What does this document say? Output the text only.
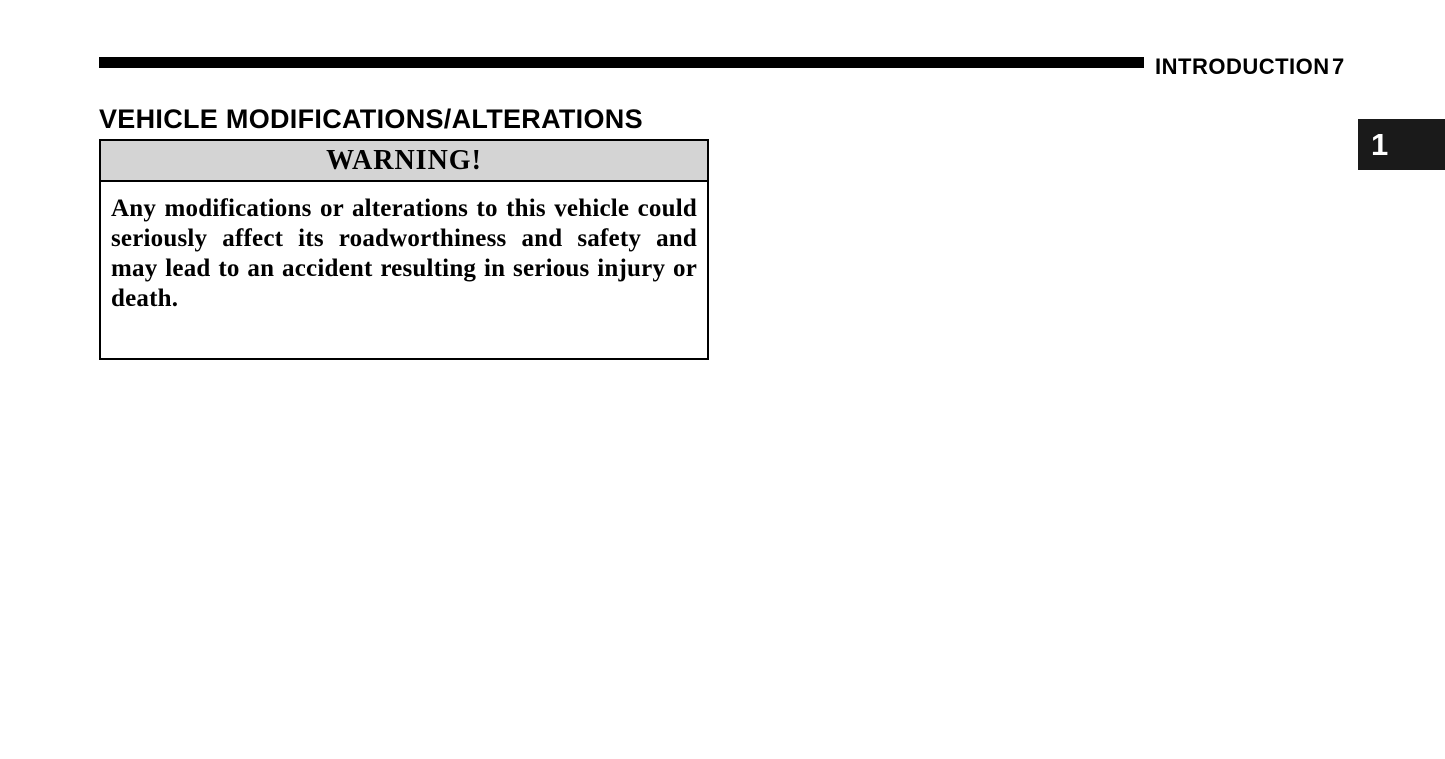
INTRODUCTION 7
VEHICLE MODIFICATIONS/ALTERATIONS
1
WARNING!

Any modifications or alterations to this vehicle could seriously affect its roadworthiness and safety and may lead to an accident resulting in serious injury or death.
